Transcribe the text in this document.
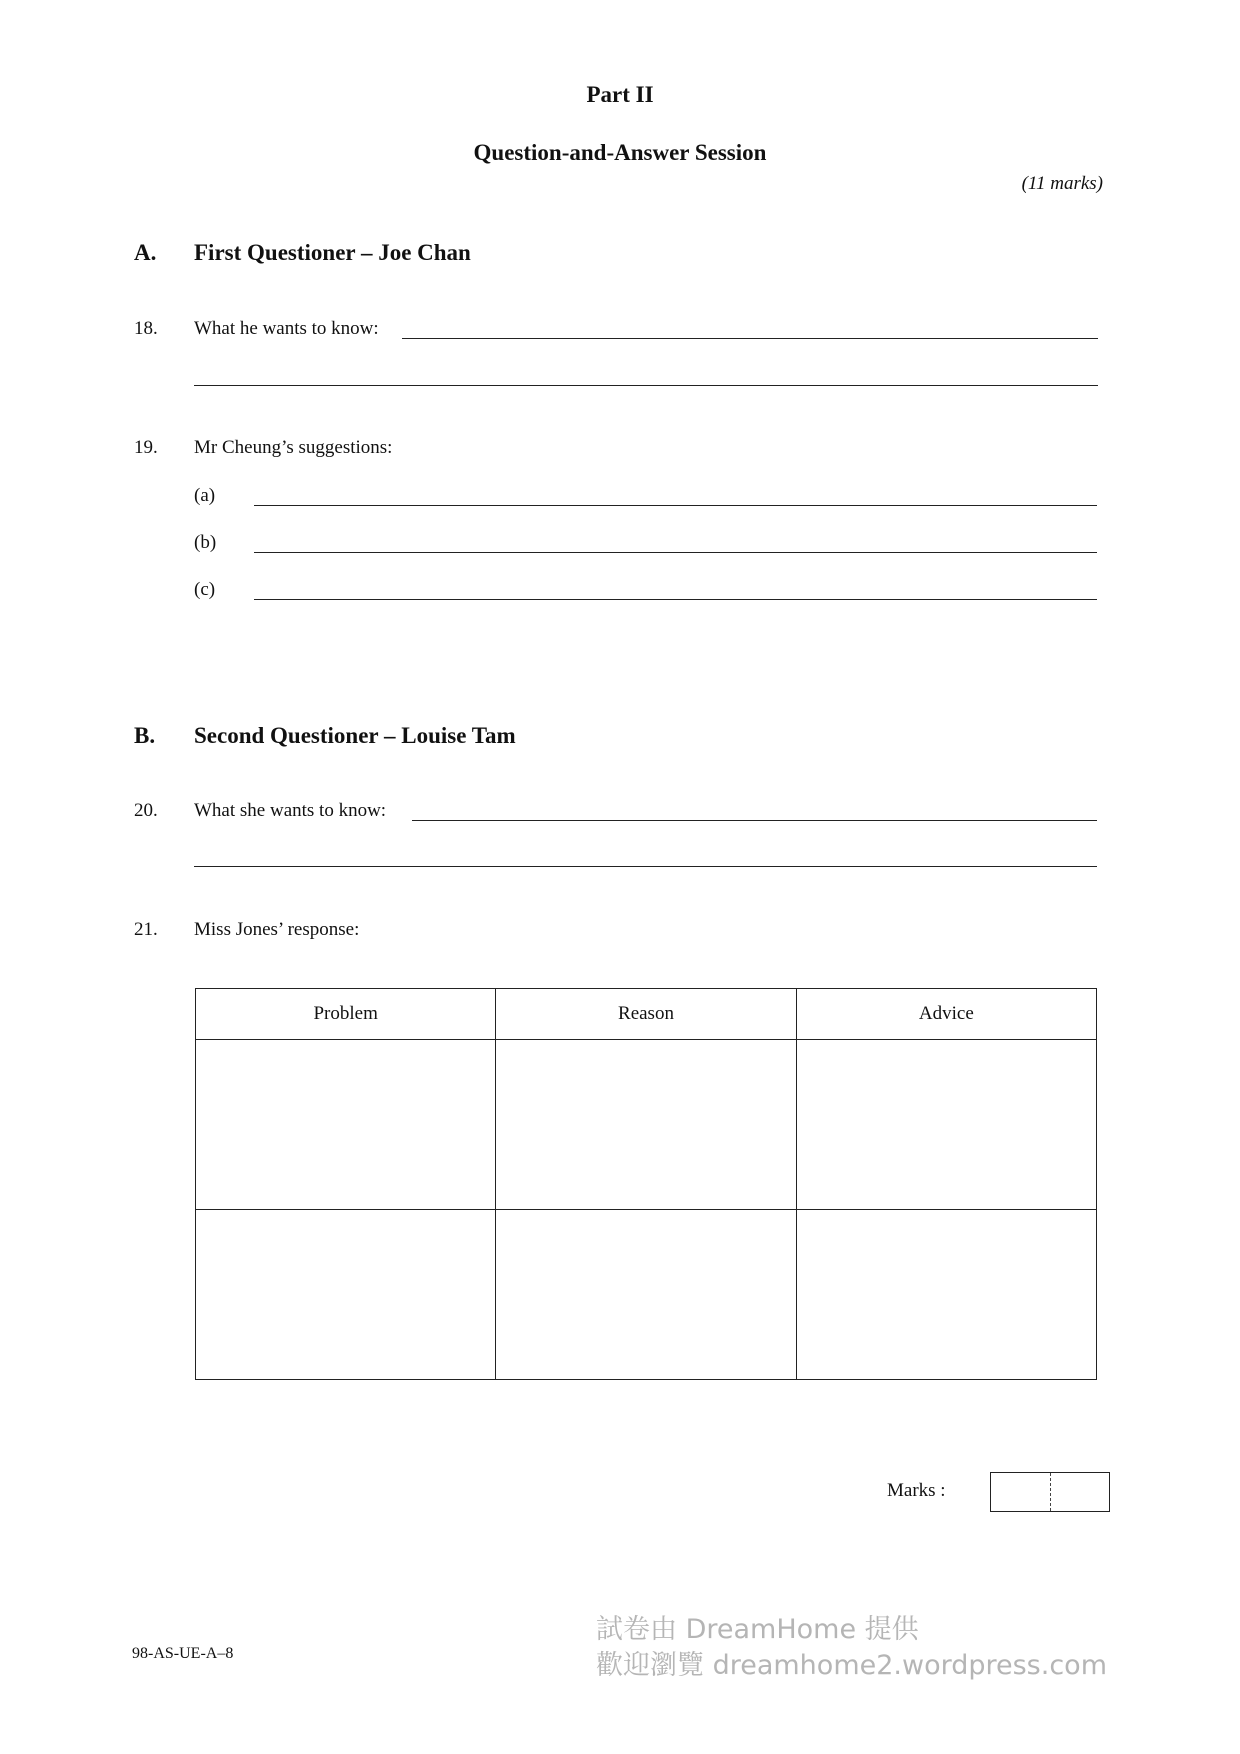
Part II
Question-and-Answer Session
(11 marks)
A. First Questioner – Joe Chan
18. What he wants to know:
19. Mr Cheung’s suggestions:
(a)
(b)
(c)
B. Second Questioner – Louise Tam
20. What she wants to know:
21. Miss Jones’ response:
Problem	Reason	Advice

Marks :
98-AS-UE-A–8
試卷由 DreamHome 提供
歡迎瀏覽 dreamhome2.wordpress.com
